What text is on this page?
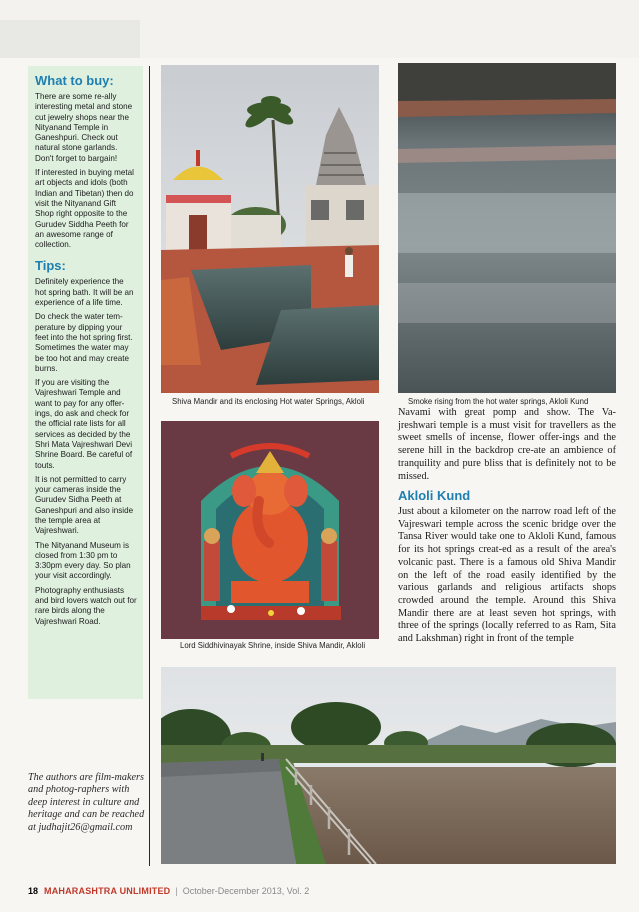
What to buy:

There are some re-ally interesting metal and stone cut jewelry shops near the Nityanand Temple in Ganeshpuri. Check out natural stone garlands. Don't forget to bargain!

If interested in buying metal art objects and idols (both Indian and Tibetan) then do visit the Nityanand Gift Shop right opposite to the Gurudev Siddha Peeth for an awesome range of collection.

Tips:

Definitely experience the hot spring bath. It will be an experience of a life time.

Do check the water tem-perature by dipping your feet into the hot spring first. Sometimes the water may be too hot and may create burns.

If you are visiting the Vajreshwari Temple and want to pay for any offer-ings, do ask and check for the official rate lists for all services as decided by the Shri Mata Vajreshwari Devi Shrine Board. Be careful of touts.

It is not permitted to carry your cameras inside the Gurudev Sidha Peeth at Ganeshpuri and also inside the temple area at Vajreshwari.

The Nityanand Museum is closed from 1:30 pm to 3:30pm every day. So plan your visit accordingly.

Photography enthusiasts and bird lovers watch out for rare birds along the Vajreshwari Road.

The authors are film-makers and photog-raphers with deep interest in culture and heritage and can be reached at judhajit26@gmail.com
Shiva Mandir and its enclosing Hot water Springs, Akloli	Smoke rising from the hot water springs, Akloli Kund
Lord Siddhivinayak Shrine, inside Shiva Mandir, Akloli

Navami with great pomp and show. The Va-jreshwari temple is a must visit for travellers as the sweet smells of incense, flower offer-ings and the serene hill in the backdrop cre-ate an ambience of tranquility and pure bliss that is definitely not to be missed.

Akloli Kund

Just about a kilometer on the narrow road left of the Vajreswari temple across the scenic bridge over the Tansa River would take one to Akloli Kund, famous for its hot springs creat-ed as a result of the area's volcanic past. There is a famous old Shiva Mandir on the left of the road easily identified by the various garlands and religious artifacts shops crowded around the temple. Around this Shiva Mandir there are at least seven hot springs, with three of the springs (locally referred to as Ram, Sita and Lakshman) right in front of the temple

18 MAHARASHTRA UNLIMITED | October-December 2013, Vol. 2
